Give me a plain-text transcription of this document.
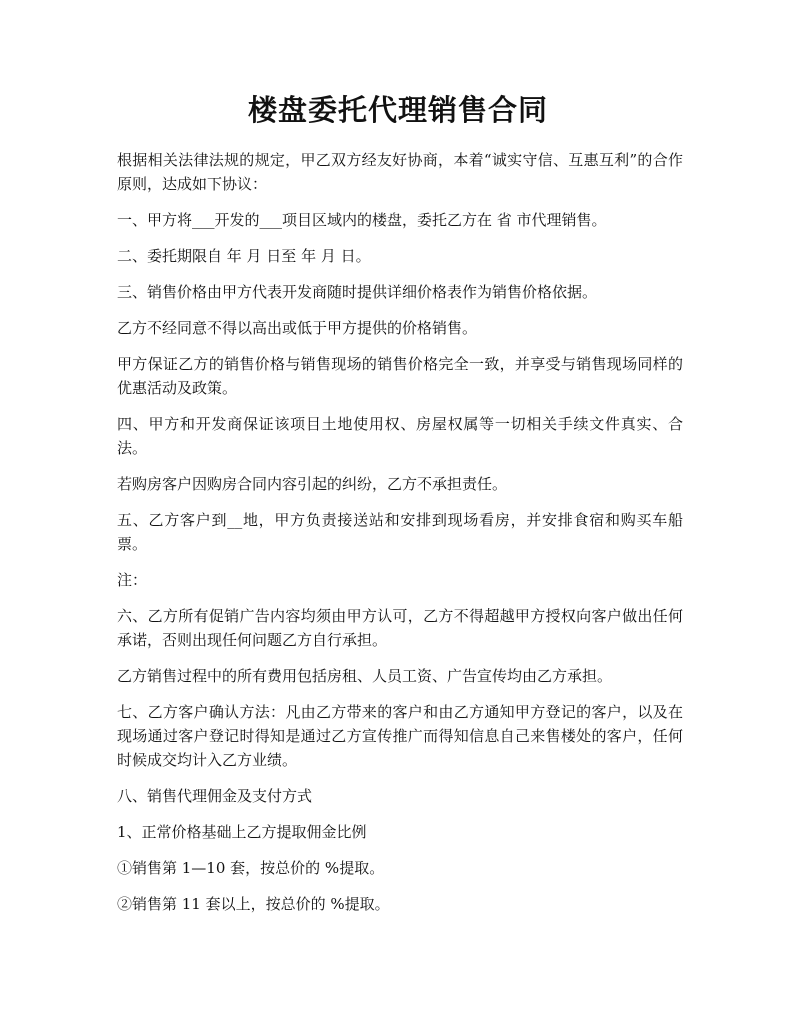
楼盘委托代理销售合同

根据相关法律法规的规定，甲乙双方经友好协商，本着“诚实守信、互惠互利”的合作原则，达成如下协议：

一、甲方将___开发的___项目区域内的楼盘，委托乙方在 省 市代理销售。

二、委托期限自 年 月 日至 年 月 日。

三、销售价格由甲方代表开发商随时提供详细价格表作为销售价格依据。

乙方不经同意不得以高出或低于甲方提供的价格销售。

甲方保证乙方的销售价格与销售现场的销售价格完全一致，并享受与销售现场同样的优惠活动及政策。

四、甲方和开发商保证该项目土地使用权、房屋权属等一切相关手续文件真实、合法。

若购房客户因购房合同内容引起的纠纷，乙方不承担责任。

五、乙方客户到__地，甲方负责接送站和安排到现场看房，并安排食宿和购买车船票。

注：

六、乙方所有促销广告内容均须由甲方认可，乙方不得超越甲方授权向客户做出任何承诺，否则出现任何问题乙方自行承担。

乙方销售过程中的所有费用包括房租、人员工资、广告宣传均由乙方承担。

七、乙方客户确认方法：凡由乙方带来的客户和由乙方通知甲方登记的客户，以及在现场通过客户登记时得知是通过乙方宣传推广而得知信息自己来售楼处的客户，任何时候成交均计入乙方业绩。

八、销售代理佣金及支付方式

1、正常价格基础上乙方提取佣金比例

①销售第 1—10 套，按总价的 %提取。

②销售第 11 套以上，按总价的 %提取。
